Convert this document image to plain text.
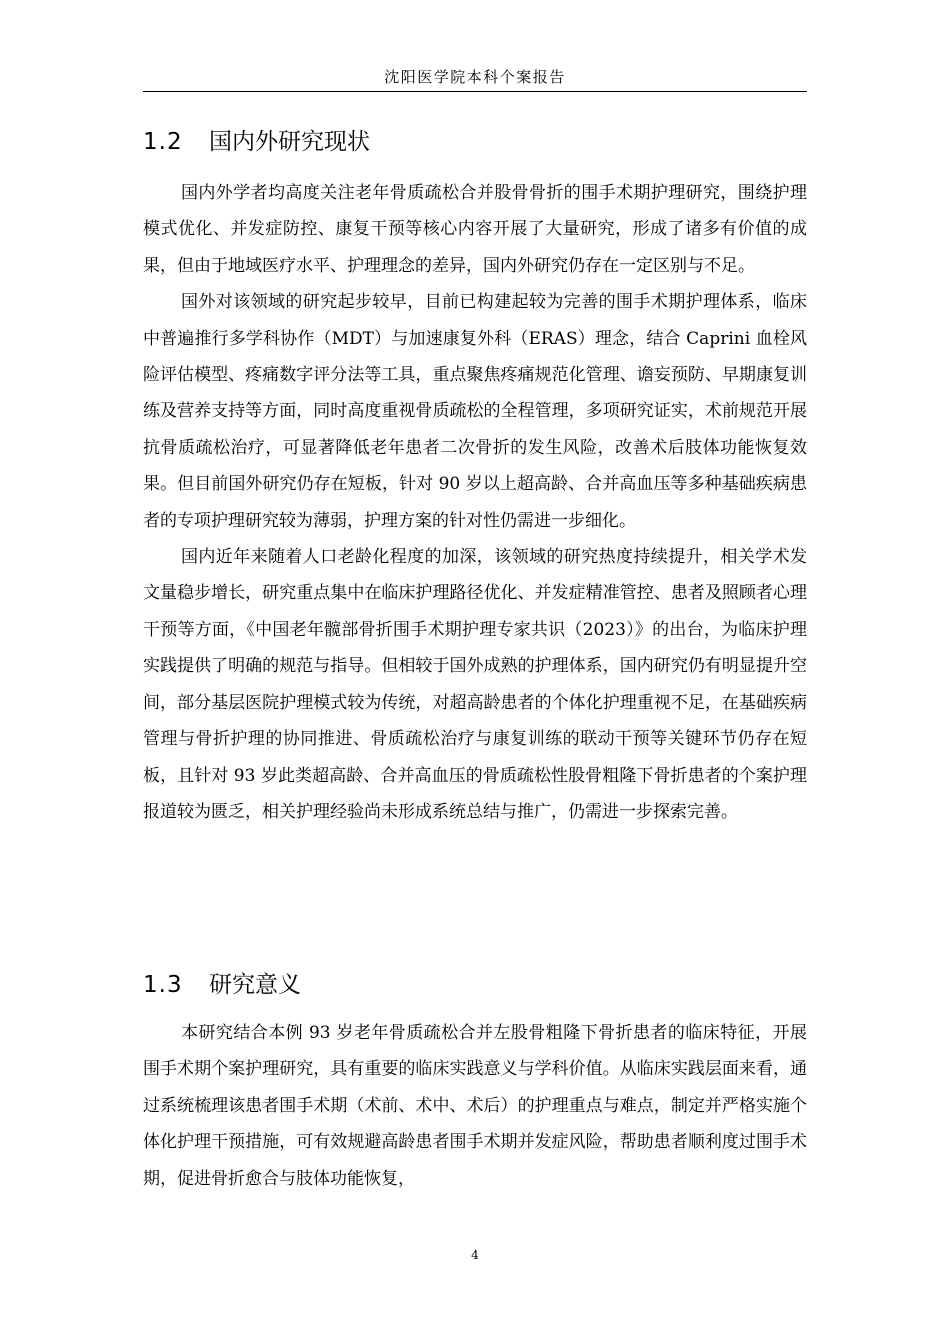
沈阳医学院本科个案报告
1.2 国内外研究现状

国内外学者均高度关注老年骨质疏松合并股骨骨折的围手术期护理研究，围绕护理模式优化、并发症防控、康复干预等核心内容开展了大量研究，形成了诸多有价值的成果，但由于地域医疗水平、护理理念的差异，国内外研究仍存在一定区别与不足。

国外对该领域的研究起步较早，目前已构建起较为完善的围手术期护理体系，临床中普遍推行多学科协作（MDT）与加速康复外科（ERAS）理念，结合 Caprini 血栓风险评估模型、疼痛数字评分法等工具，重点聚焦疼痛规范化管理、谵妄预防、早期康复训练及营养支持等方面，同时高度重视骨质疏松的全程管理，多项研究证实，术前规范开展抗骨质疏松治疗，可显著降低老年患者二次骨折的发生风险，改善术后肢体功能恢复效果。但目前国外研究仍存在短板，针对 90 岁以上超高龄、合并高血压等多种基础疾病患者的专项护理研究较为薄弱，护理方案的针对性仍需进一步细化。

国内近年来随着人口老龄化程度的加深，该领域的研究热度持续提升，相关学术发文量稳步增长，研究重点集中在临床护理路径优化、并发症精准管控、患者及照顾者心理干预等方面，《中国老年髋部骨折围手术期护理专家共识（2023）》的出台，为临床护理实践提供了明确的规范与指导。但相较于国外成熟的护理体系，国内研究仍有明显提升空间，部分基层医院护理模式较为传统，对超高龄患者的个体化护理重视不足，在基础疾病管理与骨折护理的协同推进、骨质疏松治疗与康复训练的联动干预等关键环节仍存在短板，且针对 93 岁此类超高龄、合并高血压的骨质疏松性股骨粗隆下骨折患者的个案护理报道较为匮乏，相关护理经验尚未形成系统总结与推广，仍需进一步探索完善。

1.3 研究意义

本研究结合本例 93 岁老年骨质疏松合并左股骨粗隆下骨折患者的临床特征，开展围手术期个案护理研究，具有重要的临床实践意义与学科价值。从临床实践层面来看，通过系统梳理该患者围手术期（术前、术中、术后）的护理重点与难点，制定并严格实施个体化护理干预措施，可有效规避高龄患者围手术期并发症风险，帮助患者顺利度过围手术期，促进骨折愈合与肢体功能恢复，

4
